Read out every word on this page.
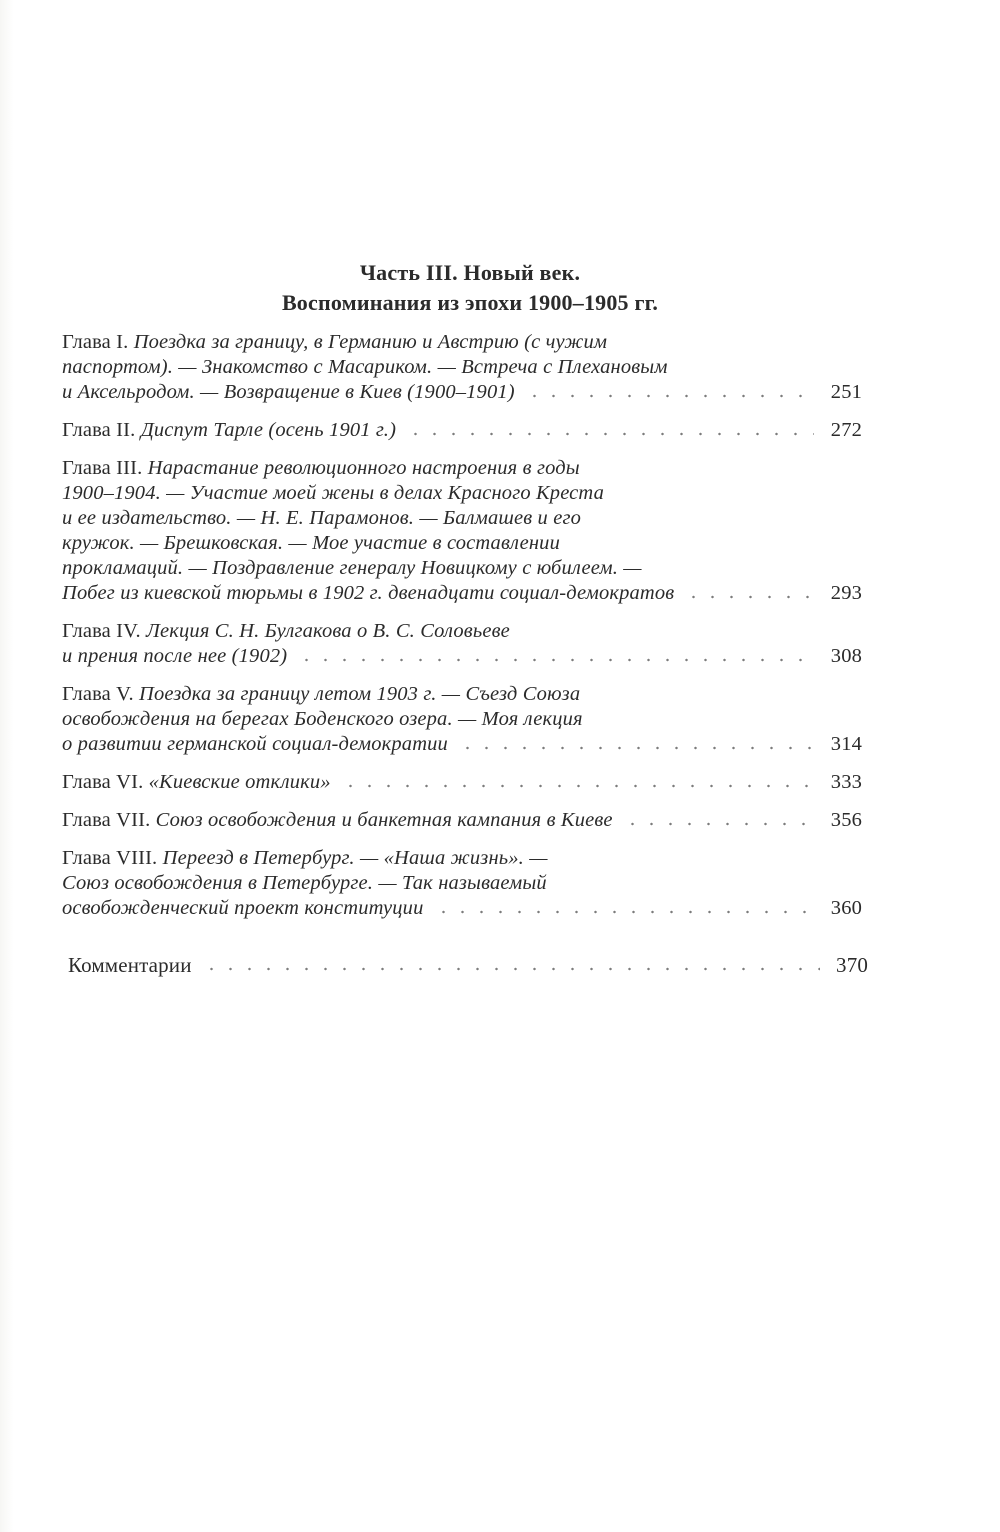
Часть III. Новый век.
Воспоминания из эпохи 1900–1905 гг.
Глава I. Поездка за границу, в Германию и Австрию (с чужим
паспортом). — Знакомство с Масариком. — Встреча с Плехановым
и Аксельродом. — Возвращение в Киев (1900–1901)	251
Глава II. Диспут Тарле (осень 1901 г.)	272
Глава III. Нарастание революционного настроения в годы
1900–1904. — Участие моей жены в делах Красного Креста
и ее издательство. — Н. Е. Парамонов. — Балмашев и его
кружок. — Брешковская. — Мое участие в составлении
прокламаций. — Поздравление генералу Новицкому с юбилеем. —
Побег из киевской тюрьмы в 1902 г. двенадцати социал-демократов	293
Глава IV. Лекция С. Н. Булгакова о В. С. Соловьеве
и прения после нее (1902)	308
Глава V. Поездка за границу летом 1903 г. — Съезд Союза
освобождения на берегах Боденского озера. — Моя лекция
о развитии германской социал-демократии	314
Глава VI. «Киевские отклики»	333
Глава VII. Союз освобождения и банкетная кампания в Киеве	356
Глава VIII. Переезд в Петербург. — «Наша жизнь». —
Союз освобождения в Петербурге. — Так называемый
освобожденческий проект конституции	360
Комментарии	370
